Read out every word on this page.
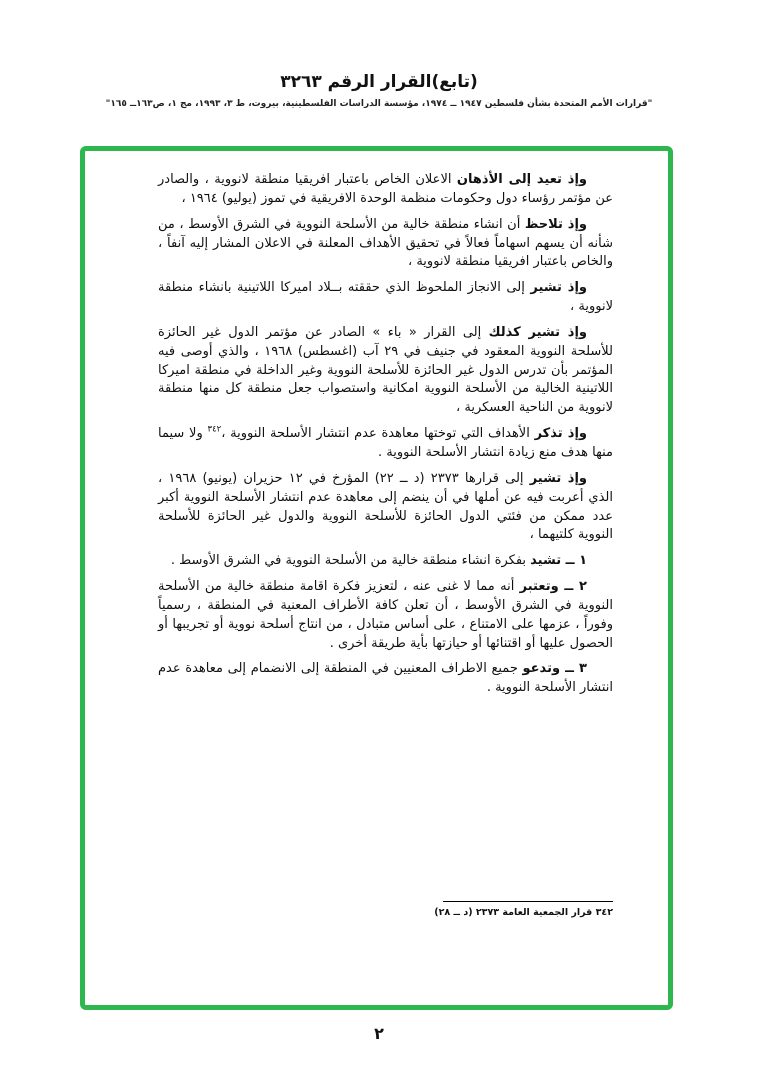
(تابع)القرار الرقم ٣٢٦٣
"قرارات الأمم المتحدة بشأن فلسطين ١٩٤٧ ــ ١٩٧٤، مؤسسة الدراسات الفلسطينية، بيروت، ط ٣، ١٩٩٣، مج ١، ص١٦٣ــ ١٦٥"

وإذ تعيد إلى الأذهان الاعلان الخاص باعتبار افريقيا منطقة لانووية ، والصادر عن مؤتمر رؤساء دول وحكومات منظمة الوحدة الافريقية في تموز (يوليو) ١٩٦٤ ،

وإذ تلاحظ أن انشاء منطقة خالية من الأسلحة النووية في الشرق الأوسط ، من شأنه أن يسهم اسهاماً فعالاً في تحقيق الأهداف المعلنة في الاعلان المشار إليه آنفاً ، والخاص باعتبار افريقيا منطقة لانووية ،

وإذ تشير إلى الانجاز الملحوظ الذي حققته بــلاد اميركا اللاتينية بانشاء منطقة لانووية ،

وإذ تشير كذلك إلى القرار « باء » الصادر عن مؤتمر الدول غير الحائزة للأسلحة النووية المعقود في جنيف في ٢٩ آب (اغسطس) ١٩٦٨ ، والذي أوصى فيه المؤتمر بأن تدرس الدول غير الحائزة للأسلحة النووية وغير الداخلة في منطقة اميركا اللاتينية الخالية من الأسلحة النووية امكانية واستصواب جعل منطقة كل منها منطقة لانووية من الناحية العسكرية ،

وإذ تذكر الأهداف التي توختها معاهدة عدم انتشار الأسلحة النووية ،$^{٣٤٢}$ ولا سيما منها هدف منع زيادة انتشار الأسلحة النووية .

وإذ تشير إلى قرارها ٢٣٧٣ (د ــ ٢٢) المؤرخ في ١٢ حزيران (يونيو) ١٩٦٨ ، الذي أعربت فيه عن أملها في أن ينضم إلى معاهدة عدم انتشار الأسلحة النووية أكبر عدد ممكن من فئتي الدول الحائزة للأسلحة النووية والدول غير الحائزة للأسلحة النووية كلتيهما ،

١ ــ تشيد بفكرة انشاء منطقة خالية من الأسلحة النووية في الشرق الأوسط .

٢ ــ وتعتبر أنه مما لا غنى عنه ، لتعزيز فكرة اقامة منطقة خالية من الأسلحة النووية في الشرق الأوسط ، أن تعلن كافة الأطراف المعنية في المنطقة ، رسمياً وفوراً ، عزمها على الامتناع ، على أساس متبادل ، من انتاج أسلحة نووية أو تجريبها أو الحصول عليها أو اقتنائها أو حيازتها بأية طريقة أخرى .

٣ ــ وتدعو جميع الاطراف المعنيين في المنطقة إلى الانضمام إلى معاهدة عدم انتشار الأسلحة النووية .

٣٤٢ قرار الجمعية العامة ٢٣٧٣ (د ــ ٢٨)
٢
